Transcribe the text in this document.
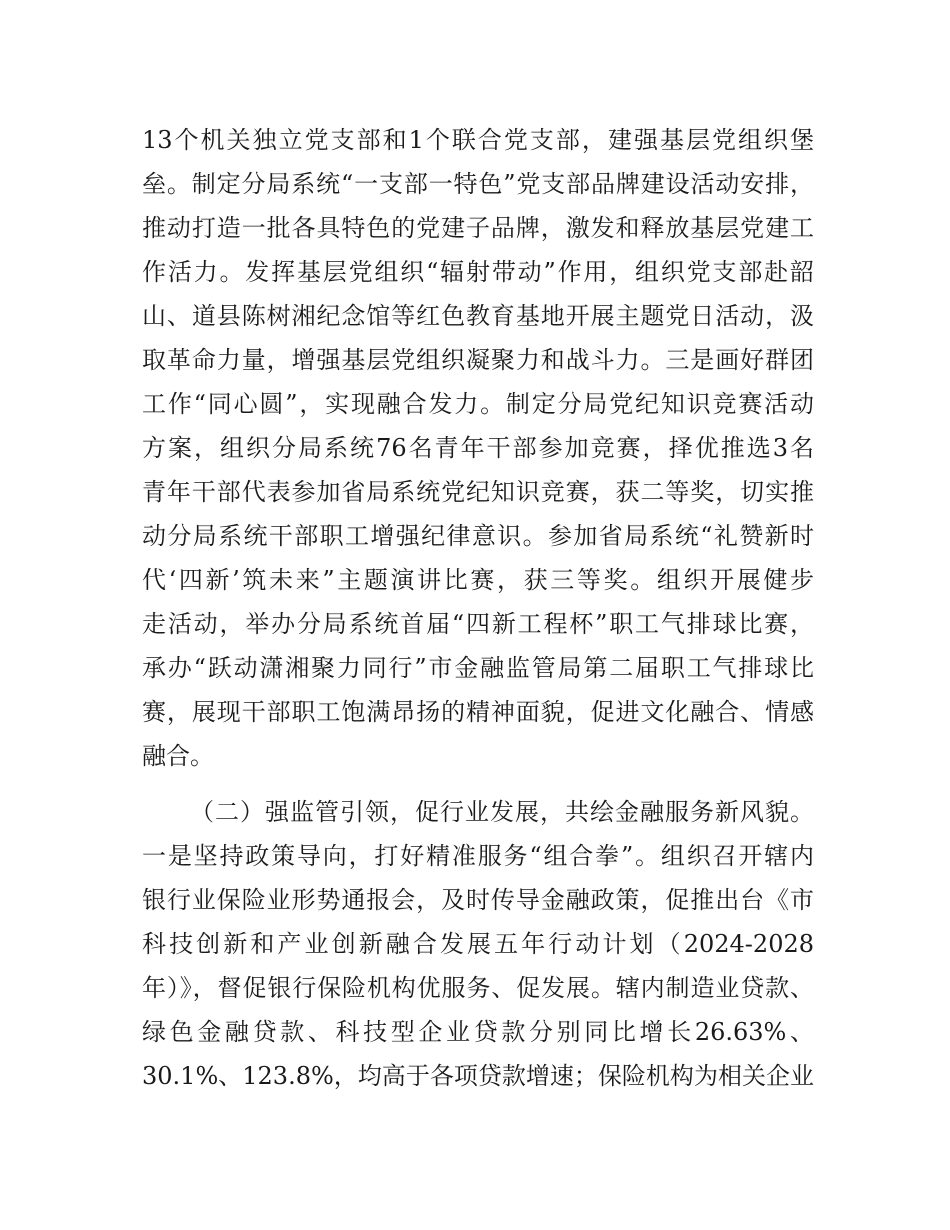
13个机关独立党支部和1个联合党支部，建强基层党组织堡
垒。制定分局系统“一支部一特色”党支部品牌建设活动安排，
推动打造一批各具特色的党建子品牌，激发和释放基层党建工
作活力。发挥基层党组织“辐射带动”作用，组织党支部赴韶
山、道县陈树湘纪念馆等红色教育基地开展主题党日活动，汲
取革命力量，增强基层党组织凝聚力和战斗力。三是画好群团
工作“同心圆”，实现融合发力。制定分局党纪知识竞赛活动
方案，组织分局系统76名青年干部参加竞赛，择优推选3名
青年干部代表参加省局系统党纪知识竞赛，获二等奖，切实推
动分局系统干部职工增强纪律意识。参加省局系统“礼赞新时
代‘四新’筑未来”主题演讲比赛，获三等奖。组织开展健步
走活动，举办分局系统首届“四新工程杯”职工气排球比赛，
承办“跃动潇湘聚力同行”市金融监管局第二届职工气排球比
赛，展现干部职工饱满昂扬的精神面貌，促进文化融合、情感
融合。
（二）强监管引领，促行业发展，共绘金融服务新风貌。
一是坚持政策导向，打好精准服务“组合拳”。组织召开辖内
银行业保险业形势通报会，及时传导金融政策，促推出台《市
科技创新和产业创新融合发展五年行动计划（2024-2028
年）》，督促银行保险机构优服务、促发展。辖内制造业贷款、
绿色金融贷款、科技型企业贷款分别同比增长26.63%、
30.1%、123.8%，均高于各项贷款增速；保险机构为相关企业
